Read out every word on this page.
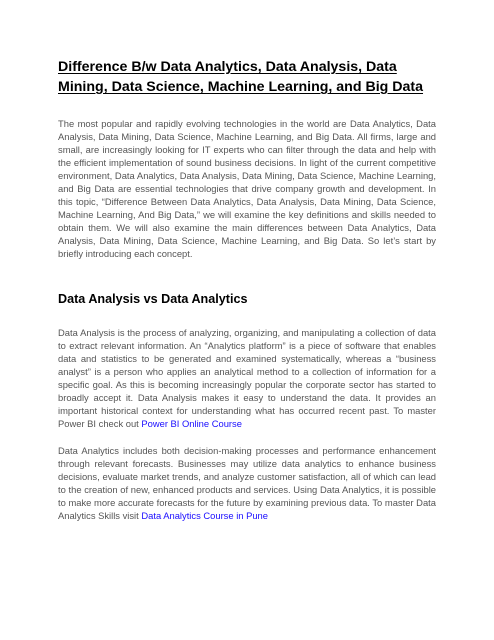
Difference B/w Data Analytics, Data Analysis, Data Mining, Data Science, Machine Learning, and Big Data

The most popular and rapidly evolving technologies in the world are Data Analytics, Data Analysis, Data Mining, Data Science, Machine Learning, and Big Data. All firms, large and small, are increasingly looking for IT experts who can filter through the data and help with the efficient implementation of sound business decisions. In light of the current competitive environment, Data Analytics, Data Analysis, Data Mining, Data Science, Machine Learning, and Big Data are essential technologies that drive company growth and development. In this topic, “Difference Between Data Analytics, Data Analysis, Data Mining, Data Science, Machine Learning, And Big Data,” we will examine the key definitions and skills needed to obtain them. We will also examine the main differences between Data Analytics, Data Analysis, Data Mining, Data Science, Machine Learning, and Big Data. So let’s start by briefly introducing each concept.

Data Analysis vs Data Analytics

Data Analysis is the process of analyzing, organizing, and manipulating a collection of data to extract relevant information. An “Analytics platform” is a piece of software that enables data and statistics to be generated and examined systematically, whereas a “business analyst” is a person who applies an analytical method to a collection of information for a specific goal. As this is becoming increasingly popular the corporate sector has started to broadly accept it. Data Analysis makes it easy to understand the data. It provides an important historical context for understanding what has occurred recent past. To master Power BI check out Power BI Online Course

Data Analytics includes both decision-making processes and performance enhancement through relevant forecasts. Businesses may utilize data analytics to enhance business decisions, evaluate market trends, and analyze customer satisfaction, all of which can lead to the creation of new, enhanced products and services. Using Data Analytics, it is possible to make more accurate forecasts for the future by examining previous data. To master Data Analytics Skills visit Data Analytics Course in Pune
